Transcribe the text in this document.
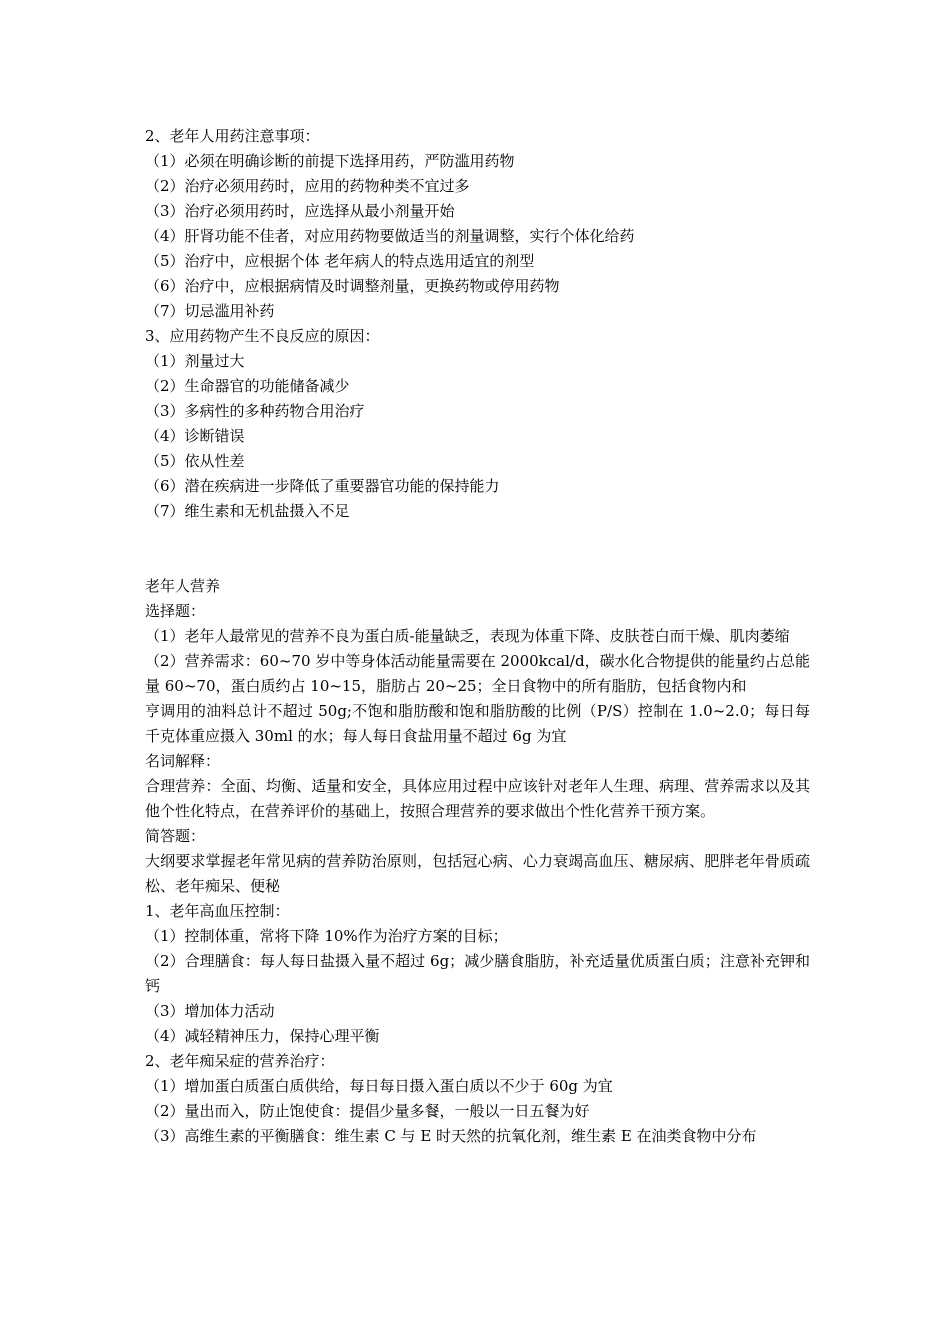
2、老年人用药注意事项：
（1）必须在明确诊断的前提下选择用药，严防滥用药物
（2）治疗必须用药时，应用的药物种类不宜过多
（3）治疗必须用药时，应选择从最小剂量开始
（4）肝肾功能不佳者，对应用药物要做适当的剂量调整，实行个体化给药
（5）治疗中，应根据个体 老年病人的特点选用适宜的剂型
（6）治疗中，应根据病情及时调整剂量，更换药物或停用药物
（7）切忌滥用补药
3、应用药物产生不良反应的原因：
（1）剂量过大
（2）生命器官的功能储备减少
（3）多病性的多种药物合用治疗
（4）诊断错误
（5）依从性差
（6）潜在疾病进一步降低了重要器官功能的保持能力
（7）维生素和无机盐摄入不足
老年人营养
选择题：
（1）老年人最常见的营养不良为蛋白质-能量缺乏，表现为体重下降、皮肤苍白而干燥、肌肉萎缩
（2）营养需求：60~70 岁中等身体活动能量需要在 2000kcal/d，碳水化合物提供的能量约占总能量 60~70，蛋白质约占 10~15，脂肪占 20~25；全日食物中的所有脂肪，包括食物内和
亨调用的油料总计不超过 50g;不饱和脂肪酸和饱和脂肪酸的比例（P/S）控制在 1.0~2.0；每日每千克体重应摄入 30ml 的水；每人每日食盐用量不超过 6g 为宜
名词解释：
合理营养：全面、均衡、适量和安全，具体应用过程中应该针对老年人生理、病理、营养需求以及其他个性化特点，在营养评价的基础上，按照合理营养的要求做出个性化营养干预方案。
简答题：
大纲要求掌握老年常见病的营养防治原则，包括冠心病、心力衰竭高血压、糖尿病、肥胖老年骨质疏松、老年痴呆、便秘
1、老年高血压控制：
（1）控制体重，常将下降 10%作为治疗方案的目标；
（2）合理膳食：每人每日盐摄入量不超过 6g；减少膳食脂肪，补充适量优质蛋白质；注意补充钾和钙
（3）增加体力活动
（4）减轻精神压力，保持心理平衡
2、老年痴呆症的营养治疗：
（1）增加蛋白质蛋白质供给，每日每日摄入蛋白质以不少于 60g 为宜
（2）量出而入，防止饱使食：提倡少量多餐，一般以一日五餐为好
（3）高维生素的平衡膳食：维生素 C 与 E 时天然的抗氧化剂，维生素 E 在油类食物中分布
